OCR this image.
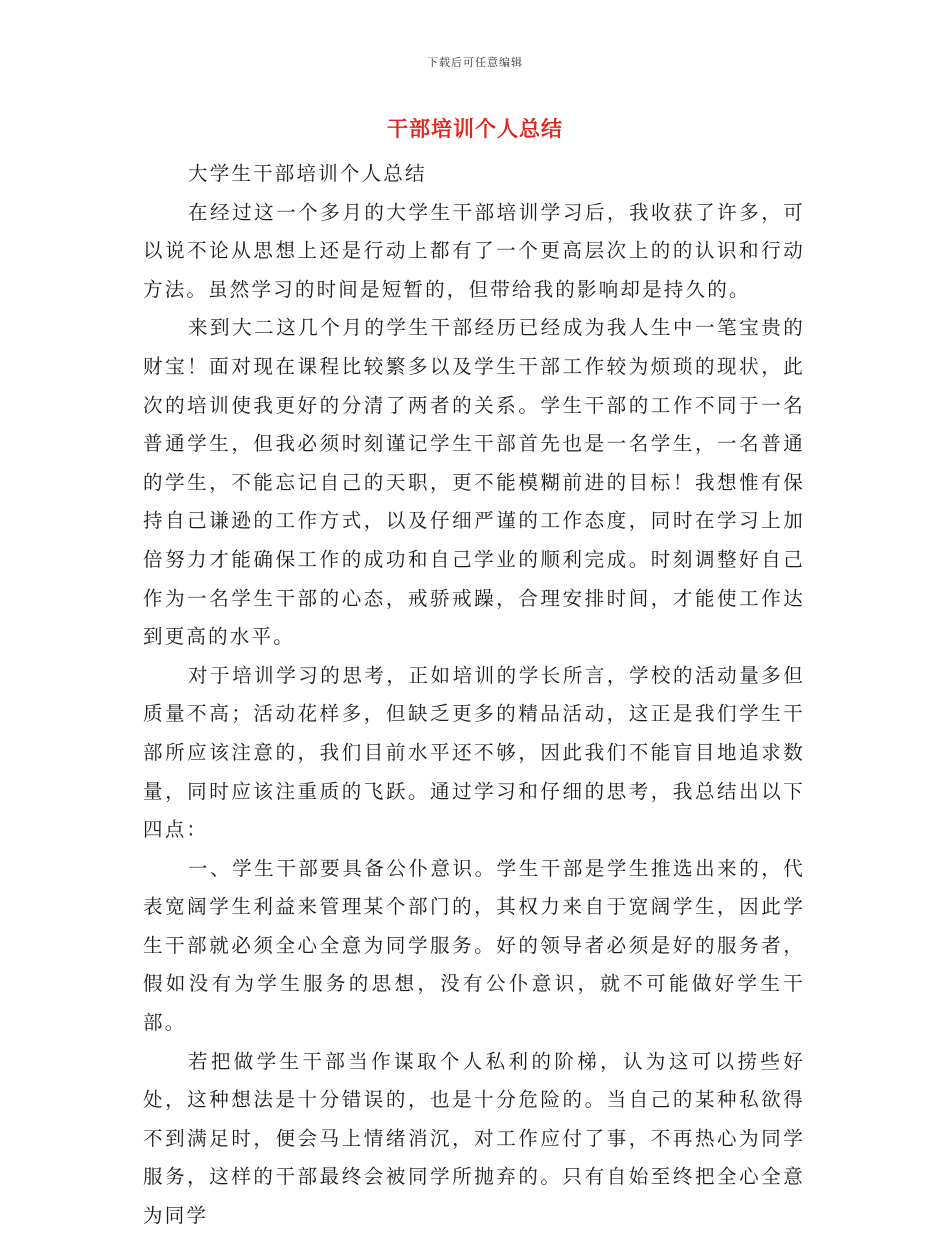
下载后可任意编辑
干部培训个人总结

大学生干部培训个人总结

在经过这一个多月的大学生干部培训学习后，我收获了许多，可以说不论从思想上还是行动上都有了一个更高层次上的的认识和行动方法。虽然学习的时间是短暂的，但带给我的影响却是持久的。

来到大二这几个月的学生干部经历已经成为我人生中一笔宝贵的财宝！面对现在课程比较繁多以及学生干部工作较为烦琐的现状，此次的培训使我更好的分清了两者的关系。学生干部的工作不同于一名普通学生，但我必须时刻谨记学生干部首先也是一名学生，一名普通的学生，不能忘记自己的天职，更不能模糊前进的目标！我想惟有保持自己谦逊的工作方式，以及仔细严谨的工作态度，同时在学习上加倍努力才能确保工作的成功和自己学业的顺利完成。时刻调整好自己作为一名学生干部的心态，戒骄戒躁，合理安排时间，才能使工作达到更高的水平。

对于培训学习的思考，正如培训的学长所言，学校的活动量多但质量不高；活动花样多，但缺乏更多的精品活动，这正是我们学生干部所应该注意的，我们目前水平还不够，因此我们不能盲目地追求数量，同时应该注重质的飞跃。通过学习和仔细的思考，我总结出以下四点：

一、学生干部要具备公仆意识。学生干部是学生推选出来的，代表宽阔学生利益来管理某个部门的，其权力来自于宽阔学生，因此学生干部就必须全心全意为同学服务。好的领导者必须是好的服务者，假如没有为学生服务的思想，没有公仆意识，就不可能做好学生干部。

若把做学生干部当作谋取个人私利的阶梯，认为这可以捞些好处，这种想法是十分错误的，也是十分危险的。当自己的某种私欲得不到满足时，便会马上情绪消沉，对工作应付了事，不再热心为同学服务，这样的干部最终会被同学所抛弃的。只有自始至终把全心全意为同学
